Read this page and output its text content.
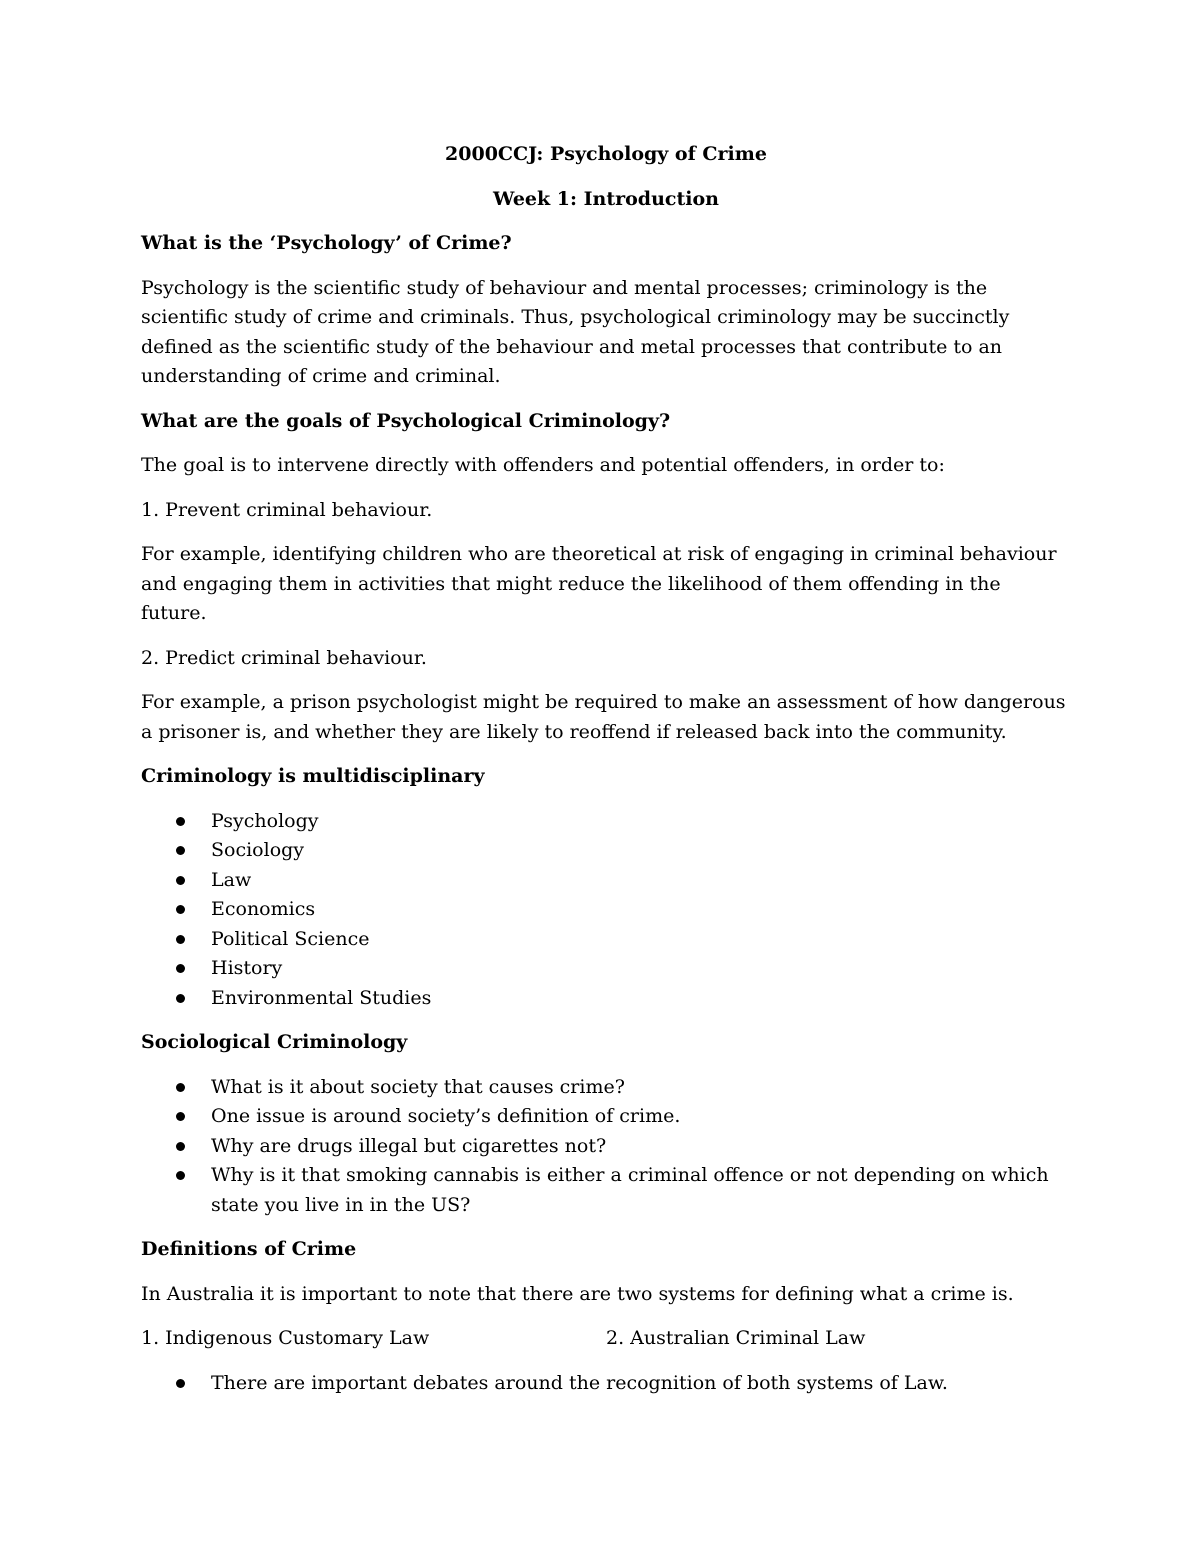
2000CCJ: Psychology of Crime
Week 1: Introduction
What is the ‘Psychology’ of Crime?

Psychology is the scientific study of behaviour and mental processes; criminology is the scientific study of crime and criminals. Thus, psychological criminology may be succinctly defined as the scientific study of the behaviour and metal processes that contribute to an understanding of crime and criminal.

What are the goals of Psychological Criminology?

The goal is to intervene directly with offenders and potential offenders, in order to:

1. Prevent criminal behaviour.

For example, identifying children who are theoretical at risk of engaging in criminal behaviour and engaging them in activities that might reduce the likelihood of them offending in the future.

2. Predict criminal behaviour.

For example, a prison psychologist might be required to make an assessment of how dangerous a prisoner is, and whether they are likely to reoffend if released back into the community.

Criminology is multidisciplinary
Psychology
Sociology
Law
Economics
Political Science
History
Environmental Studies
Sociological Criminology
What is it about society that causes crime?
One issue is around society’s definition of crime.
Why are drugs illegal but cigarettes not?
Why is it that smoking cannabis is either a criminal offence or not depending on which state you live in in the US?
Definitions of Crime

In Australia it is important to note that there are two systems for defining what a crime is.

1. Indigenous Customary Law	2. Australian Criminal Law
There are important debates around the recognition of both systems of Law.
